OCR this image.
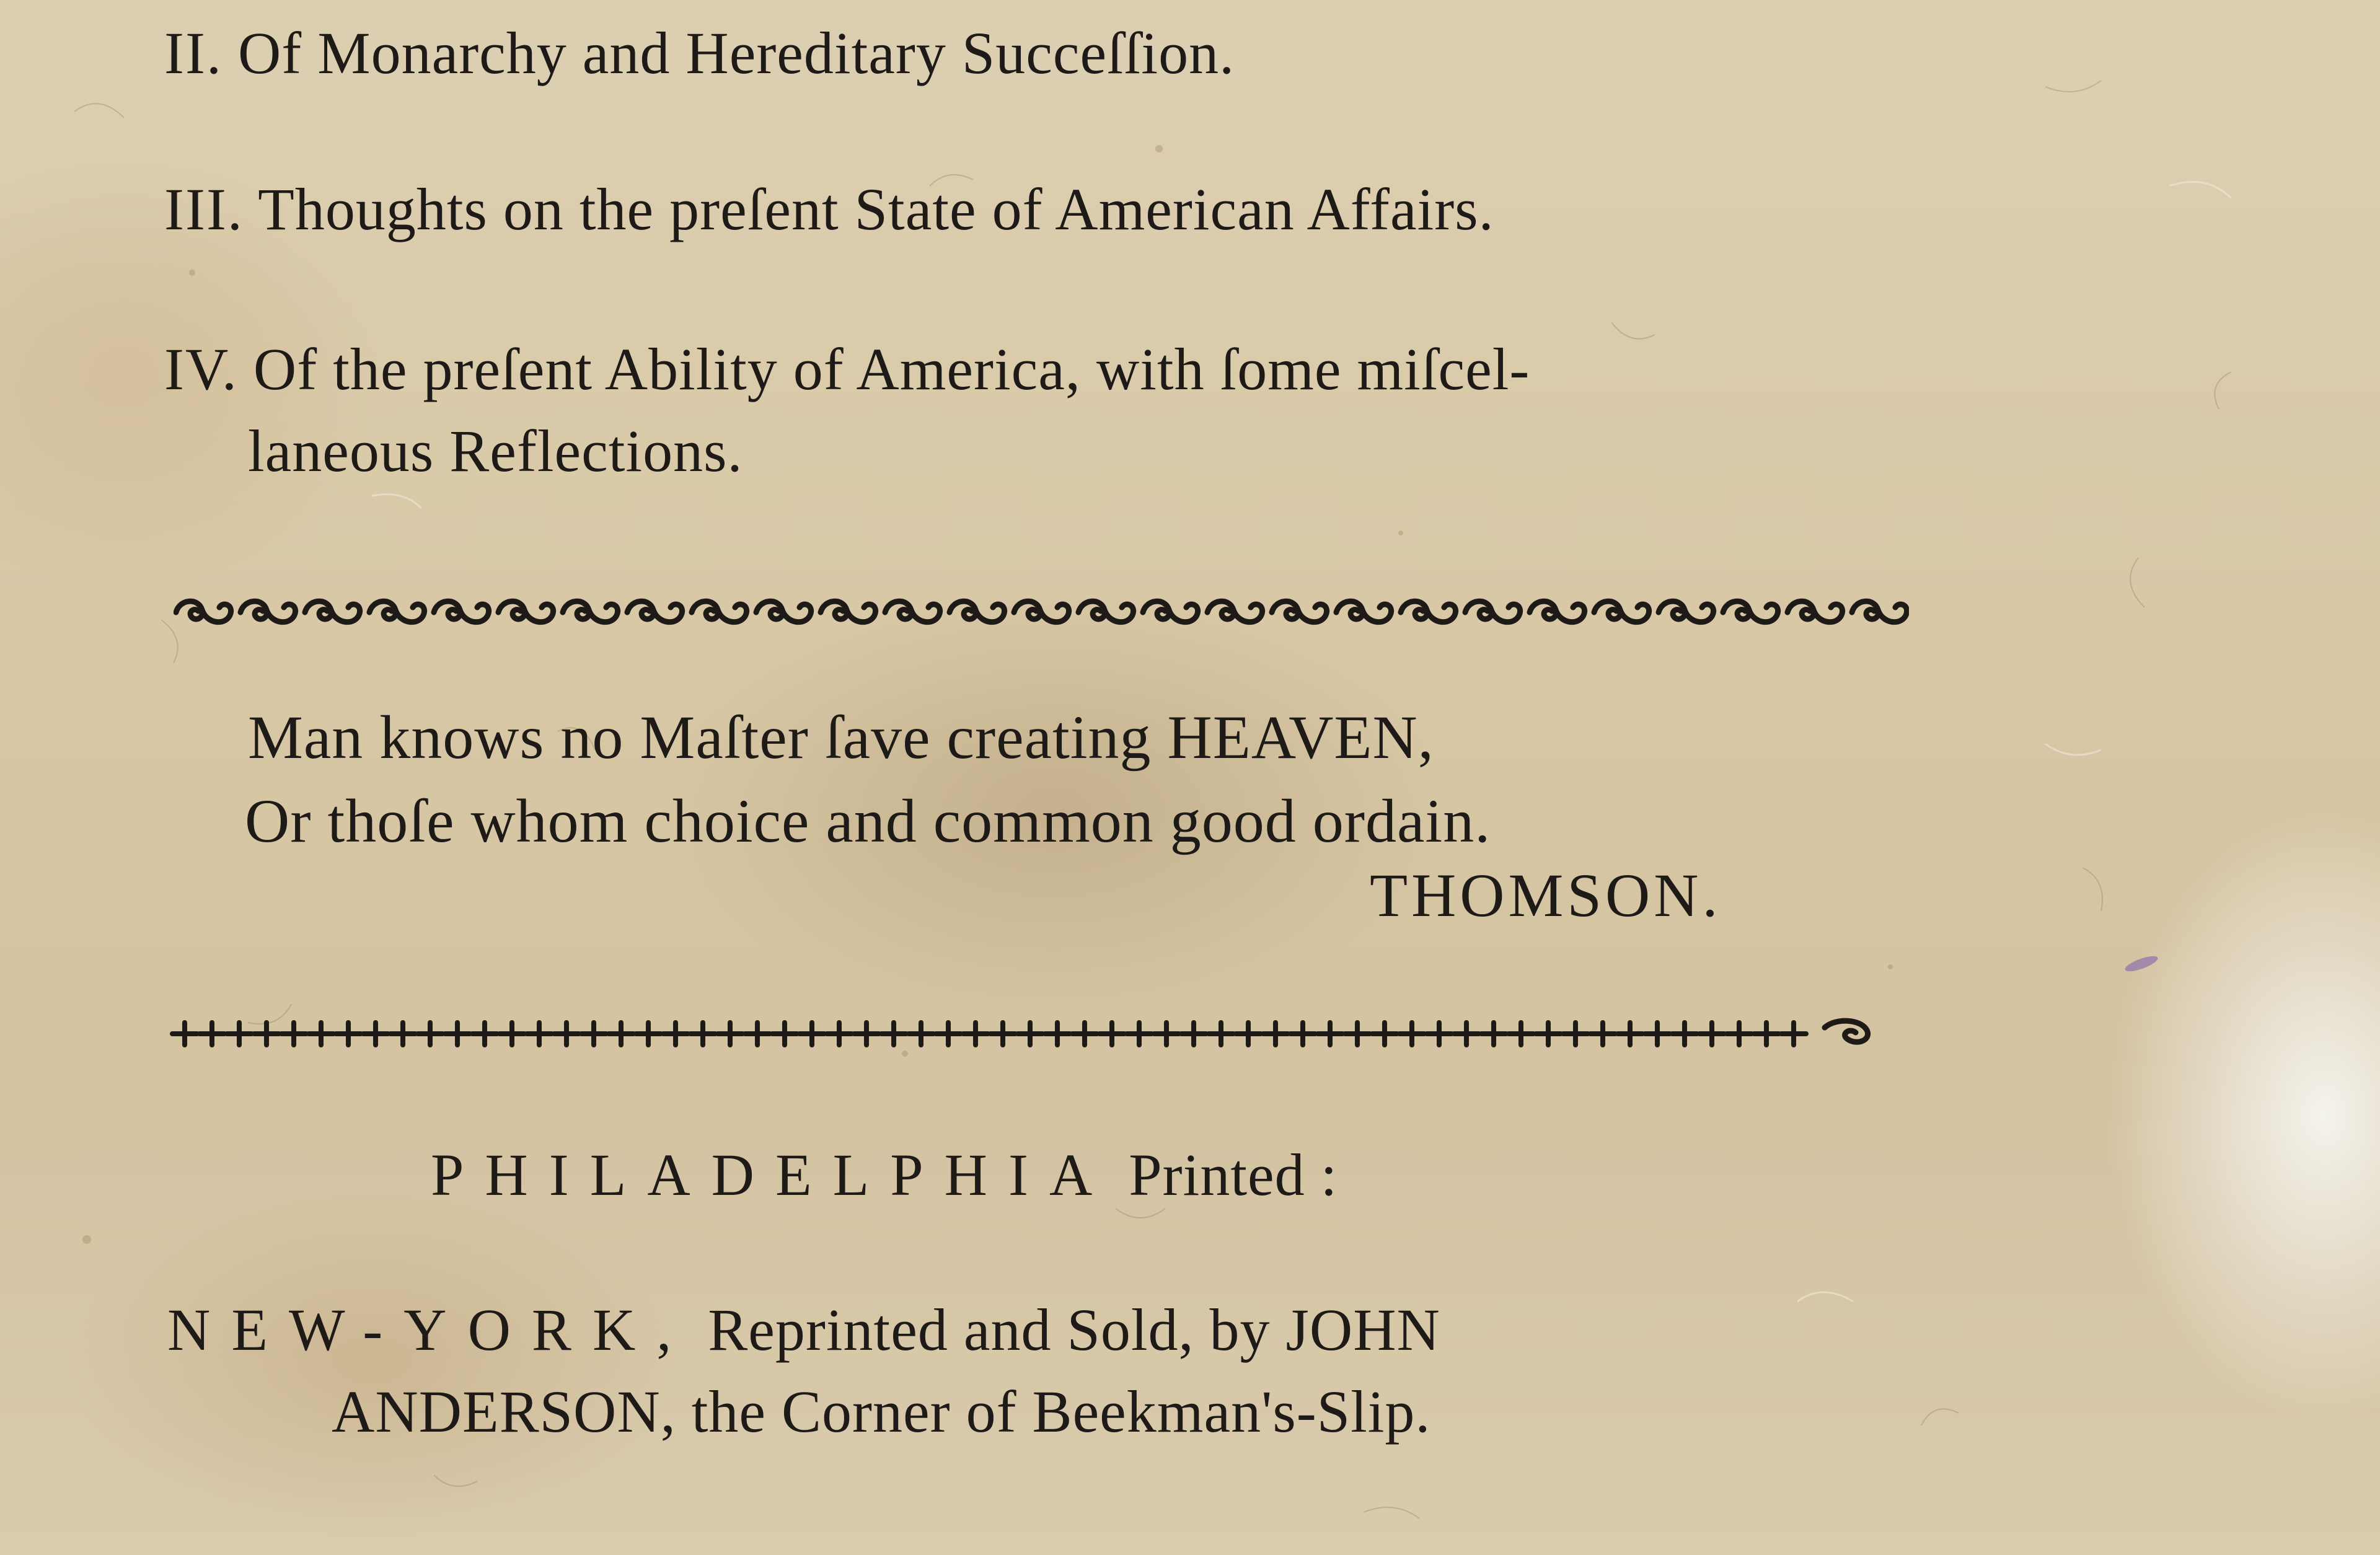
II. Of Monarchy and Hereditary Succeſſion.

III. Thoughts on the preſent State of American Affairs.

IV. Of the preſent Ability of America, with ſome miſcel-

laneous Reflections.

Man knows no Maſter ſave creating HEAVEN,

Or thoſe whom choice and common good ordain.

THOMSON.

PHILADELPHIA Printed :

NEW-YORK, Reprinted and Sold, by JOHN

ANDERSON, the Corner of Beekman's-Slip.
